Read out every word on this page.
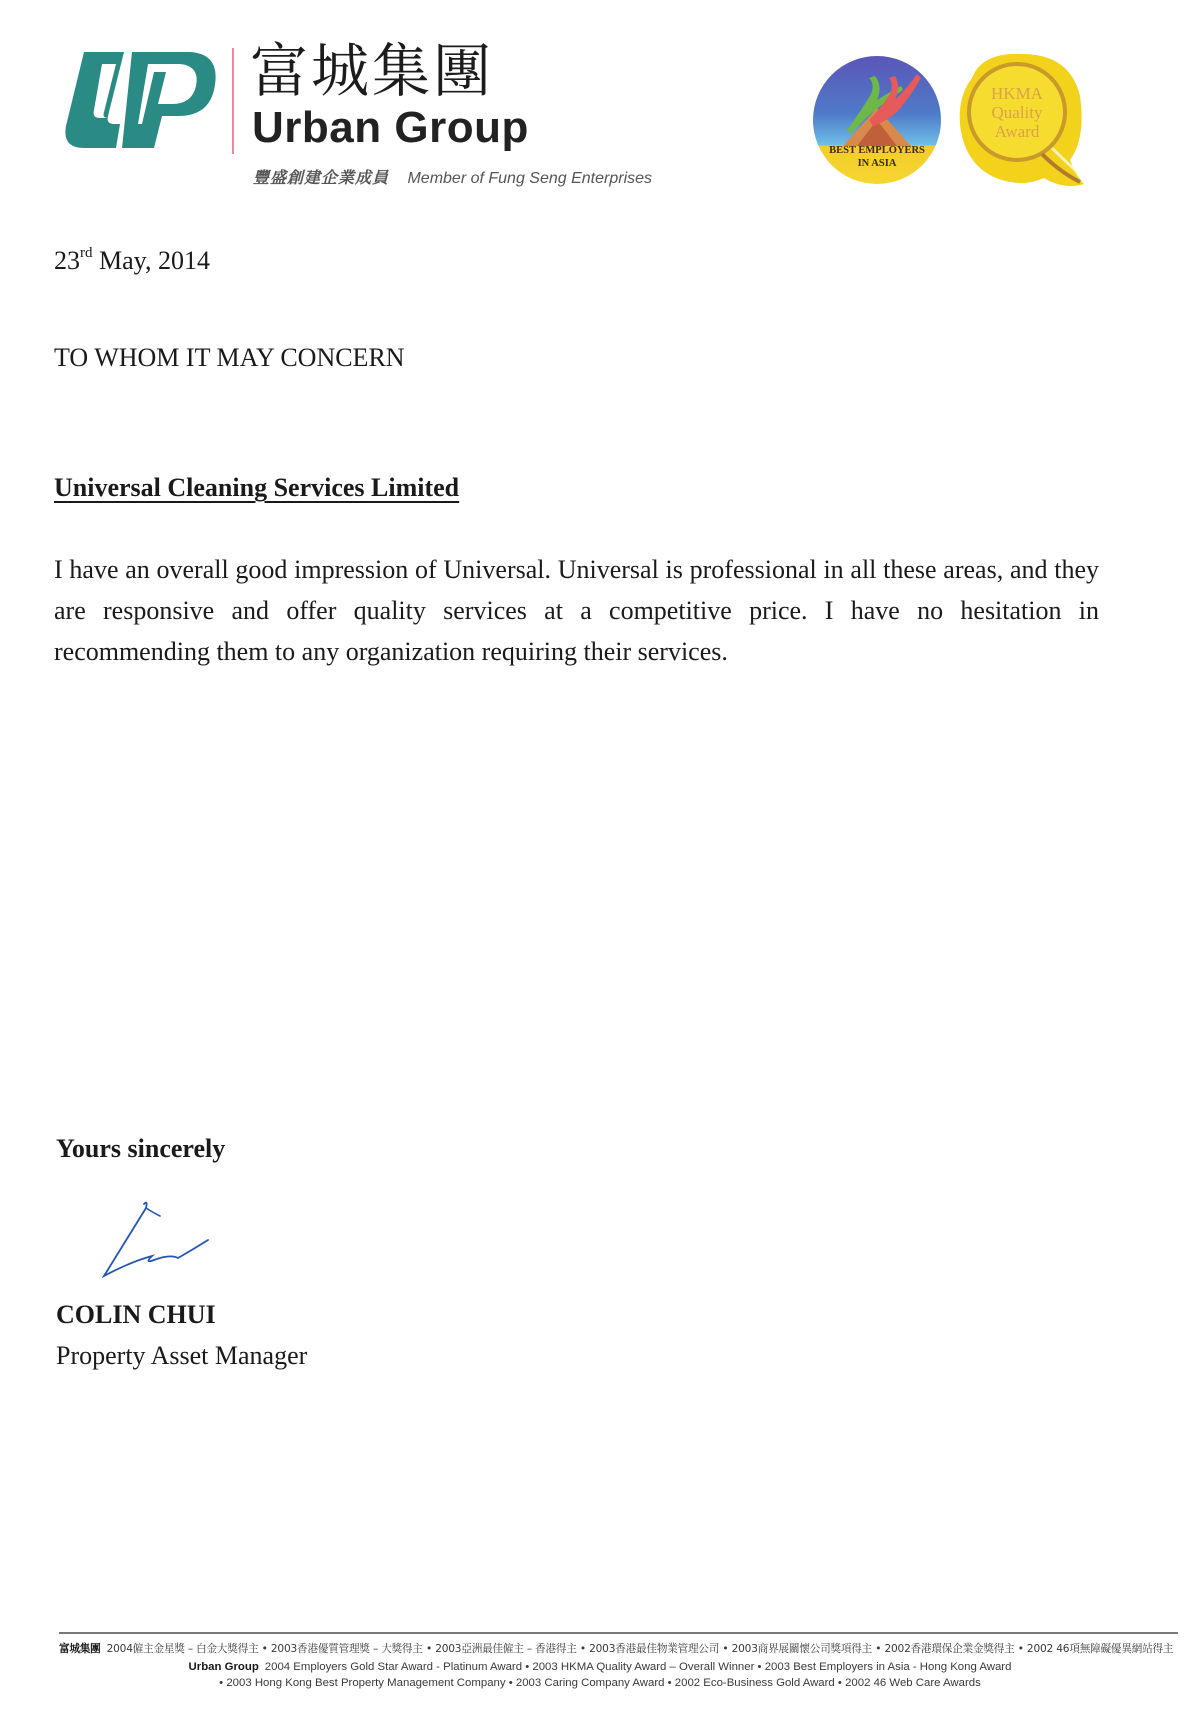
富城集團
Urban Group
豐盛創建企業成員 Member of Fung Seng Enterprises
BEST EMPLOYERS
IN ASIA
HKMA
Quality
Award
23rd May, 2014
TO WHOM IT MAY CONCERN
Universal Cleaning Services Limited

I have an overall good impression of Universal. Universal is professional in all these areas, and they are responsive and offer quality services at a competitive price. I have no hesitation in recommending them to any organization requiring their services.

Yours sincerely
COLIN CHUI
Property Asset Manager
富城集團 2004僱主金星獎 – 白金大獎得主 • 2003香港優質管理獎 – 大獎得主 • 2003亞洲最佳僱主 – 香港得主 • 2003香港最佳物業管理公司 • 2003商界展關懷公司獎項得主 • 2002香港環保企業金獎得主 • 2002 46項無障礙優異網站得主
Urban Group 2004 Employers Gold Star Award - Platinum Award • 2003 HKMA Quality Award – Overall Winner • 2003 Best Employers in Asia - Hong Kong Award
• 2003 Hong Kong Best Property Management Company • 2003 Caring Company Award • 2002 Eco-Business Gold Award • 2002 46 Web Care Awards
